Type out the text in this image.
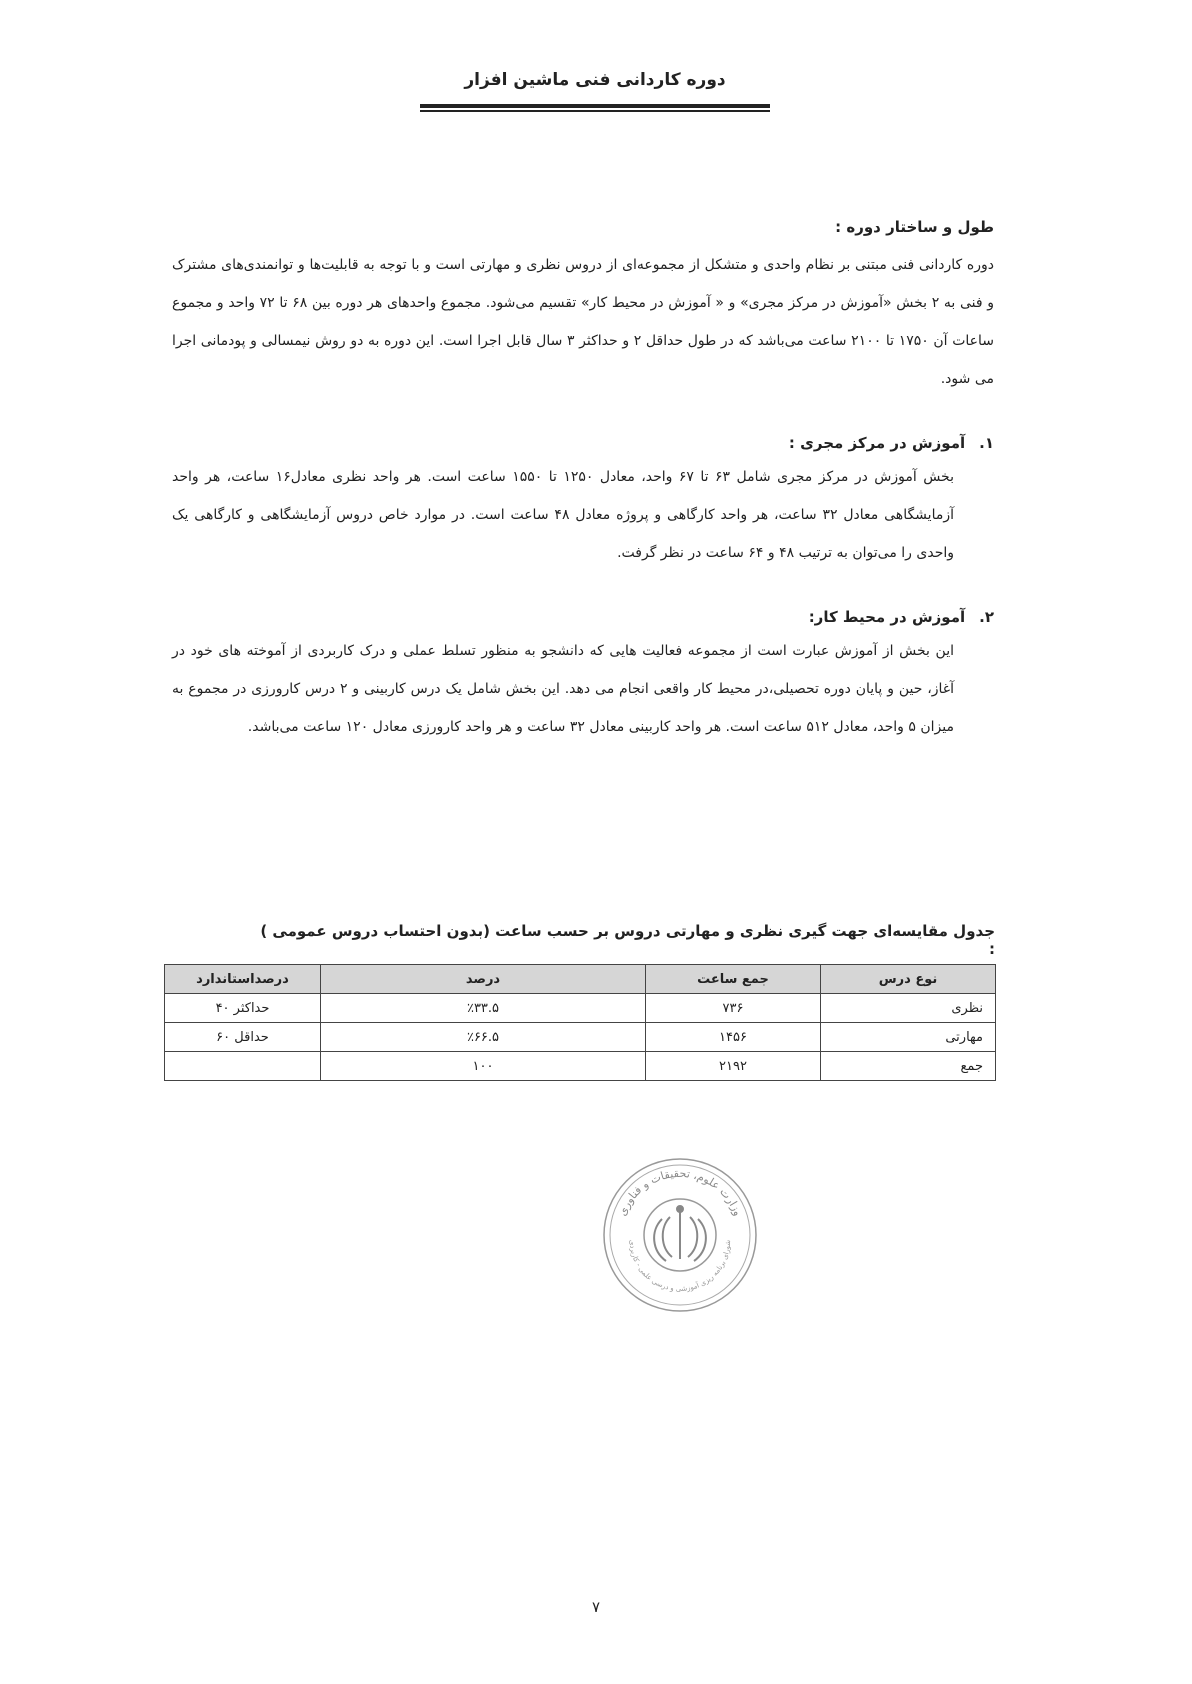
دوره کاردانی فنی ماشین افزار
طول و ساختار دوره :

دوره کاردانی فنی مبتنی بر نظام واحدی و متشکل از مجموعه‌ای از دروس نظری و مهارتی است و با توجه به قابلیت‌ها و توانمندی‌های مشترک و فنی به ۲ بخش «آموزش در مرکز مجری» و « آموزش در محیط کار» تقسیم می‌شود. مجموع واحدهای هر دوره بین ۶۸ تا ۷۲ واحد و مجموع ساعات آن ۱۷۵۰ تا ۲۱۰۰ ساعت می‌باشد که در طول حداقل ۲ و حداکثر ۳ سال قابل اجرا است. این دوره به دو روش نیمسالی و پودمانی اجرا می شود.

۱.
آموزش در مرکز مجری :
بخش آموزش در مرکز مجری شامل ۶۳ تا ۶۷ واحد، معادل ۱۲۵۰ تا ۱۵۵۰ ساعت است. هر واحد نظری معادل۱۶ ساعت، هر واحد آزمایشگاهی معادل ۳۲ ساعت، هر واحد کارگاهی و پروژه معادل ۴۸ ساعت است. در موارد خاص دروس آزمایشگاهی و کارگاهی یک واحدی را می‌توان به ترتیب ۴۸ و ۶۴ ساعت در نظر گرفت.
۲.
آموزش در محیط کار:
این بخش از آموزش عبارت است از مجموعه فعالیت هایی که دانشجو به منظور تسلط عملی و درک کاربردی از آموخته های خود در آغاز، حین و پایان دوره تحصیلی،در محیط کار واقعی انجام می دهد. این بخش شامل یک درس کاربینی و ۲ درس کارورزی در مجموع به میزان ۵ واحد، معادل ۵۱۲ ساعت است. هر واحد کاربینی معادل ۳۲ ساعت و هر واحد کارورزی معادل ۱۲۰ ساعت می‌باشد.
جدول مقایسه‌ای جهت گیری نظری و مهارتی دروس بر حسب ساعت (بدون احتساب دروس عمومی ) :
نوع درس	جمع ساعت	درصد	درصداستاندارد
نظری	۷۳۶	٪۳۳.۵	حداکثر ۴۰
مهارتی	۱۴۵۶	٪۶۶.۵	حداقل ۶۰
جمع	۲۱۹۲	۱۰۰	
وزارت علوم، تحقیقات و فناوری
شورای برنامه ریزی آموزشی و درسی علمی - کاربردی
۷
